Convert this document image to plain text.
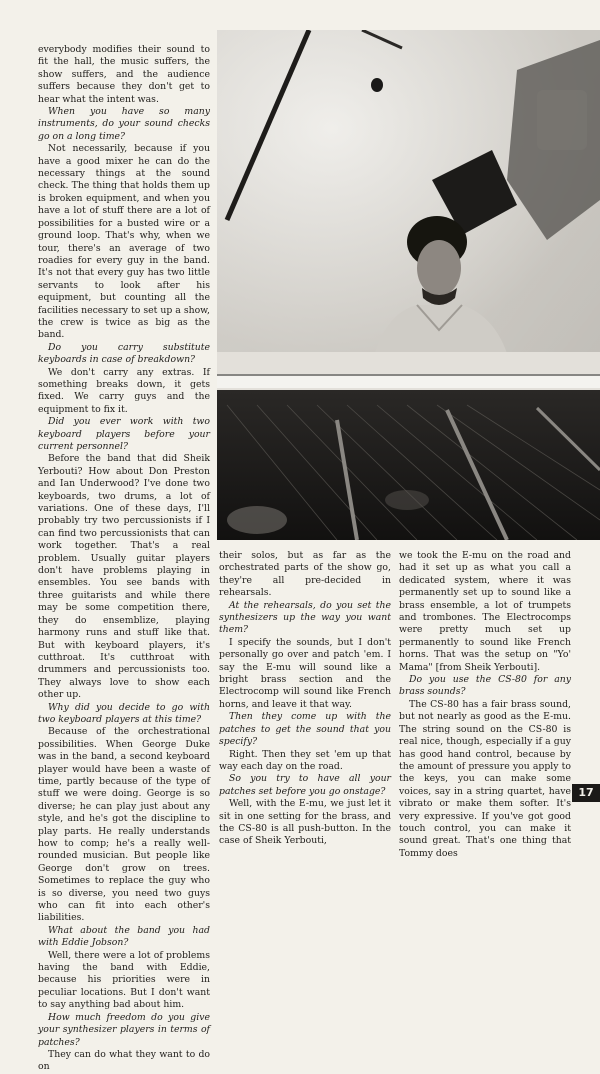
everybody modifies their sound to fit the hall, the music suffers, the show suffers, and the audience suffers because they don't get to hear what the intent was.

When you have so many instruments, do your sound checks go on a long time?

Not necessarily, because if you have a good mixer he can do the necessary things at the sound check. The thing that holds them up is broken equipment, and when you have a lot of stuff there are a lot of possibilities for a busted wire or a ground loop. That's why, when we tour, there's an average of two roadies for every guy in the band. It's not that every guy has two little servants to look after his equipment, but counting all the facilities necessary to set up a show, the crew is twice as big as the band.

Do you carry substitute keyboards in case of breakdown?

We don't carry any extras. If something breaks down, it gets fixed. We carry guys and the equipment to fix it.

Did you ever work with two keyboard players before your current personnel?

Before the band that did Sheik Yerbouti? How about Don Preston and Ian Underwood? I've done two keyboards, two drums, a lot of variations. One of these days, I'll probably try two percussionists if I can find two percussionists that can work together. That's a real problem. Usually guitar players don't have problems playing in ensembles. You see bands with three guitarists and while there may be some competition there, they do ensemblize, playing harmony runs and stuff like that. But with keyboard players, it's cutthroat. It's cutthroat with drummers and percussionists too. They always love to show each other up.

Why did you decide to go with two keyboard players at this time?

Because of the orchestrational possibilities. When George Duke was in the band, a second keyboard player would have been a waste of time, partly because of the type of stuff we were doing. George is so diverse; he can play just about any style, and he's got the discipline to play parts. He really understands how to comp; he's a really well-rounded musician. But people like George don't grow on trees. Sometimes to replace the guy who is so diverse, you need two guys who can fit into each other's liabilities.

What about the band you had with Eddie Jobson?

Well, there were a lot of problems having the band with Eddie, because his priorities were in peculiar locations. But I don't want to say anything bad about him.

How much freedom do you give your synthesizer players in terms of patches?

They can do what they want to do on

their solos, but as far as the orchestrated parts of the show go, they're all pre-decided in rehearsals.

At the rehearsals, do you set the synthesizers up the way you want them?

I specify the sounds, but I don't personally go over and patch 'em. I say the E-mu will sound like a bright brass section and the Electrocomp will sound like French horns, and leave it that way.

Then they come up with the patches to get the sound that you specify?

Right. Then they set 'em up that way each day on the road.

So you try to have all your patches set before you go onstage?

Well, with the E-mu, we just let it sit in one setting for the brass, and the CS-80 is all push-button. In the case of Sheik Yerbouti,

we took the E-mu on the road and had it set up as what you call a dedicated system, where it was permanently set up to sound like a brass ensemble, a lot of trumpets and trombones. The Electrocomps were pretty much set up permanently to sound like French horns. That was the setup on "Yo' Mama" [from Sheik Yerbouti].

Do you use the CS-80 for any brass sounds?

The CS-80 has a fair brass sound, but not nearly as good as the E-mu. The string sound on the CS-80 is real nice, though, especially if a guy has good hand control, because by the amount of pressure you apply to the keys, you can make some voices, say in a string quartet, have vibrato or make them softer. It's very expressive. If you've got good touch control, you can make it sound great. That's one thing that Tommy does

17
